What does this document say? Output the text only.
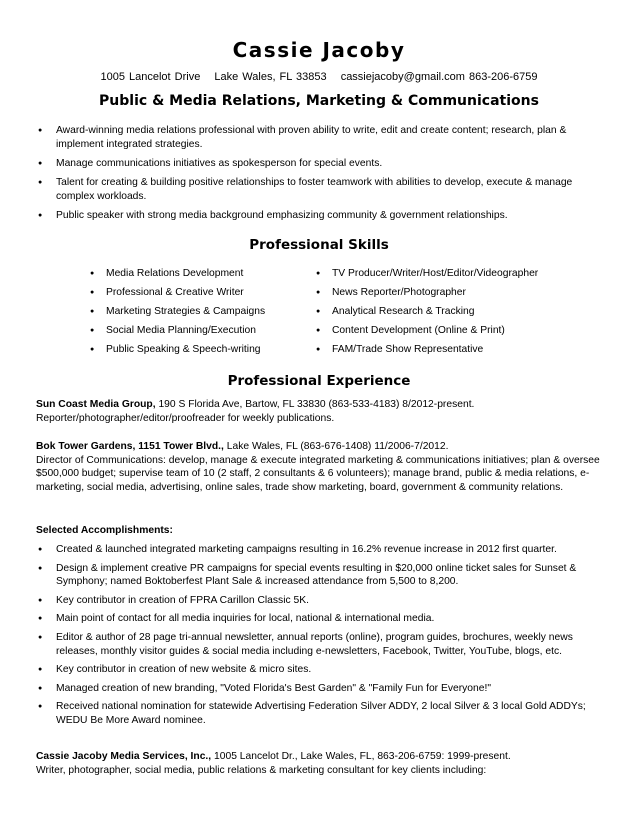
Cassie Jacoby
1005 Lancelot Drive Lake Wales, FL 33853 cassiejacoby@gmail.com 863-206-6759
Public & Media Relations, Marketing & Communications
● Award-winning media relations professional with proven ability to write, edit and create content; research, plan & implement integrated strategies.
● Manage communications initiatives as spokesperson for special events.
● Talent for creating & building positive relationships to foster teamwork with abilities to develop, execute & manage complex workloads.
● Public speaker with strong media background emphasizing community & government relationships.
Professional Skills
● Media Relations Development	● TV Producer/Writer/Host/Editor/Videographer
● Professional & Creative Writer	● News Reporter/Photographer
● Marketing Strategies & Campaigns	● Analytical Research & Tracking
● Social Media Planning/Execution	● Content Development (Online & Print)
● Public Speaking & Speech-writing	● FAM/Trade Show Representative
Professional Experience
Sun Coast Media Group, 190 S Florida Ave, Bartow, FL 33830 (863-533-4183) 8/2012-present.
Reporter/photographer/editor/proofreader for weekly publications.
Bok Tower Gardens, 1151 Tower Blvd., Lake Wales, FL (863-676-1408) 11/2006-7/2012.
Director of Communications: develop, manage & execute integrated marketing & communications initiatives; plan & oversee $500,000 budget; supervise team of 10 (2 staff, 2 consultants & 6 volunteers); manage brand, public & media relations, e-marketing, social media, advertising, online sales, trade show marketing, board, government & community relations.
Selected Accomplishments:
● Created & launched integrated marketing campaigns resulting in 16.2% revenue increase in 2012 first quarter.
● Design & implement creative PR campaigns for special events resulting in $20,000 online ticket sales for Sunset & Symphony; named Boktoberfest Plant Sale & increased attendance from 5,500 to 8,200.
● Key contributor in creation of FPRA Carillon Classic 5K.
● Main point of contact for all media inquiries for local, national & international media.
● Editor & author of 28 page tri-annual newsletter, annual reports (online), program guides, brochures, weekly news releases, monthly visitor guides & social media including e-newsletters, Facebook, Twitter, YouTube, blogs, etc.
● Key contributor in creation of new website & micro sites.
● Managed creation of new branding, "Voted Florida's Best Garden" & "Family Fun for Everyone!"
● Received national nomination for statewide Advertising Federation Silver ADDY, 2 local Silver & 3 local Gold ADDYs; WEDU Be More Award nominee.
Cassie Jacoby Media Services, Inc., 1005 Lancelot Dr., Lake Wales, FL, 863-206-6759: 1999-present.
Writer, photographer, social media, public relations & marketing consultant for key clients including:
